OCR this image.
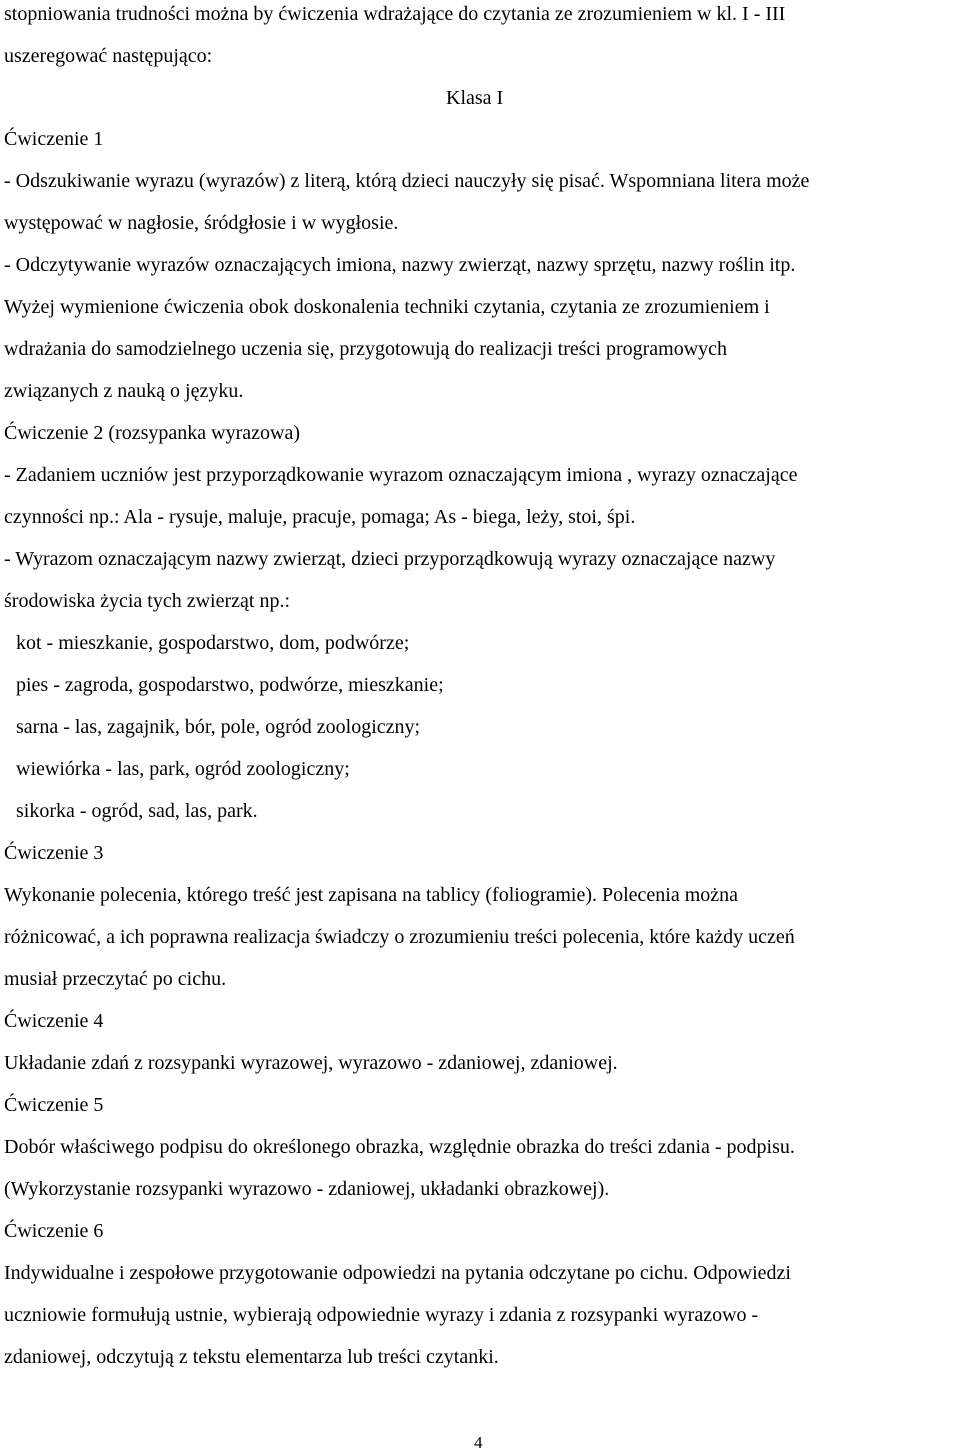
stopniowania trudności można by ćwiczenia wdrażające do czytania ze zrozumieniem w kl. I - III
uszeregować następująco:
Klasa I
Ćwiczenie 1
- Odszukiwanie wyrazu (wyrazów) z literą, którą dzieci nauczyły się pisać. Wspomniana litera może
występować w nagłosie, śródgłosie i w wygłosie.
- Odczytywanie wyrazów oznaczających imiona, nazwy zwierząt, nazwy sprzętu, nazwy roślin itp.
Wyżej wymienione ćwiczenia obok doskonalenia techniki czytania, czytania ze zrozumieniem i
wdrażania do samodzielnego uczenia się, przygotowują do realizacji treści programowych
związanych z nauką o języku.
Ćwiczenie 2 (rozsypanka wyrazowa)
- Zadaniem uczniów jest przyporządkowanie wyrazom oznaczającym imiona , wyrazy oznaczające
czynności np.: Ala - rysuje, maluje, pracuje, pomaga; As - biega, leży, stoi, śpi.
- Wyrazom oznaczającym nazwy zwierząt, dzieci przyporządkowują wyrazy oznaczające nazwy
środowiska życia tych zwierząt np.:
kot - mieszkanie, gospodarstwo, dom, podwórze;
pies - zagroda, gospodarstwo, podwórze, mieszkanie;
sarna - las, zagajnik, bór, pole, ogród zoologiczny;
wiewiórka - las, park, ogród zoologiczny;
sikorka - ogród, sad, las, park.
Ćwiczenie 3
Wykonanie polecenia, którego treść jest zapisana na tablicy (foliogramie). Polecenia można
różnicować, a ich poprawna realizacja świadczy o zrozumieniu treści polecenia, które każdy uczeń
musiał przeczytać po cichu.
Ćwiczenie 4
Układanie zdań z rozsypanki wyrazowej, wyrazowo - zdaniowej, zdaniowej.
Ćwiczenie 5
Dobór właściwego podpisu do określonego obrazka, względnie obrazka do treści zdania - podpisu.
(Wykorzystanie rozsypanki wyrazowo - zdaniowej, układanki obrazkowej).
Ćwiczenie 6
Indywidualne i zespołowe przygotowanie odpowiedzi na pytania odczytane po cichu. Odpowiedzi
uczniowie formułują ustnie, wybierają odpowiednie wyrazy i zdania z rozsypanki wyrazowo -
zdaniowej, odczytują z tekstu elementarza lub treści czytanki.
4
